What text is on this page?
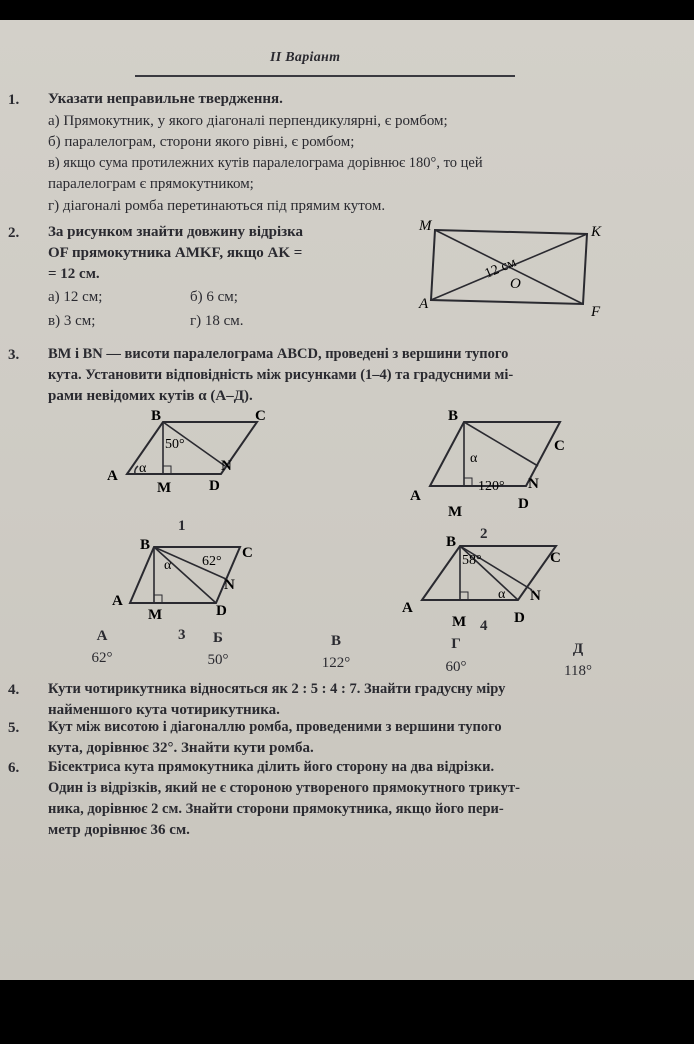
ІІ Варіант
1. Указати неправильне твердження.
а) Прямокутник, у якого діагоналі перпендикулярні, є ромбом;
б) паралелограм, сторони якого рівні, є ромбом;
в) якщо сума протилежних кутів паралелограма дорівнює 180°, то цей
паралелограм є прямокутником;
г) діагоналі ромба перетинаються під прямим кутом.
2. За рисунком знайти довжину відрізка
OF прямокутника AMKF, якщо AK =
= 12 см.
а) 12 см;	б) 6 см;
в) 3 см;	г) 18 см.
M	K
A	F
O
12 см
3. BM і BN — висоти паралелограма ABCD, проведені з вершини тупого
кута. Установити відповідність між рисунками (1–4) та градусними мі-
рами невідомих кутів α (А–Д).
B	C
A
M	D
N
α
50°
1
B
C
A
M	D
N
α
120°
2
B	C
A
M	D
N
α 62°
3
B
C
A
M	D
N
58°
α
4
А
62°
Б
50°
В
122°
Г
60°
Д
118°
4. Кути чотирикутника відносяться як 2 : 5 : 4 : 7. Знайти градусну міру
найменшого кута чотирикутника.
5. Кут між висотою і діагоналлю ромба, проведеними з вершини тупого
кута, дорівнює 32°. Знайти кути ромба.
6. Бісектриса кута прямокутника ділить його сторону на два відрізки.
Один із відрізків, який не є стороною утвореного прямокутного трикут-
ника, дорівнює 2 см. Знайти сторони прямокутника, якщо його пери-
метр дорівнює 36 см.
